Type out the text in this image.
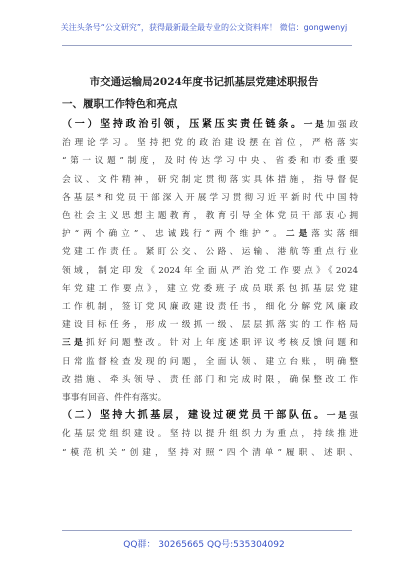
关注头条号“公文研究”，获得最新最全最专业的公文资料库！ 微信：gongwenyj
市交通运输局2024年度书记抓基层党建述职报告
一、履职工作特色和亮点
（一）坚持政治引领，压紧压实责任链条。一是加强政
治理论学习。坚持把党的政治建设摆在首位，严格落实
“第一议题”制度，及时传达学习中央、省委和市委重要
会议、文件精神，研究制定贯彻落实具体措施，指导督促
各基层*和党员干部深入开展学习贯彻习近平新时代中国特
色社会主义思想主题教育，教育引导全体党员干部衷心拥
护“两个确立”、忠诚践行“两个维护”。二是落实落细
党建工作责任。紧盯公交、公路、运输、港航等重点行业
领域，制定印发《2024年全面从严治党工作要点》《2024
年党建工作要点》，建立党委班子成员联系包抓基层党建
工作机制，签订党风廉政建设责任书，细化分解党风廉政
建设目标任务，形成一级抓一级、层层抓落实的工作格局
三是抓好问题整改。针对上年度述职评议考核反馈问题和
日常监督检查发现的问题，全面认领、建立台账，明确整
改措施、牵头领导、责任部门和完成时限，确保整改工作
事事有回音、件件有落实。
（二）坚持大抓基层，建设过硬党员干部队伍。一是强
化基层党组织建设。坚持以提升组织力为重点，持续推进
“模范机关”创建，坚持对照“四个清单”履职、述职、
QQ群： 30265665 QQ号:535304092
